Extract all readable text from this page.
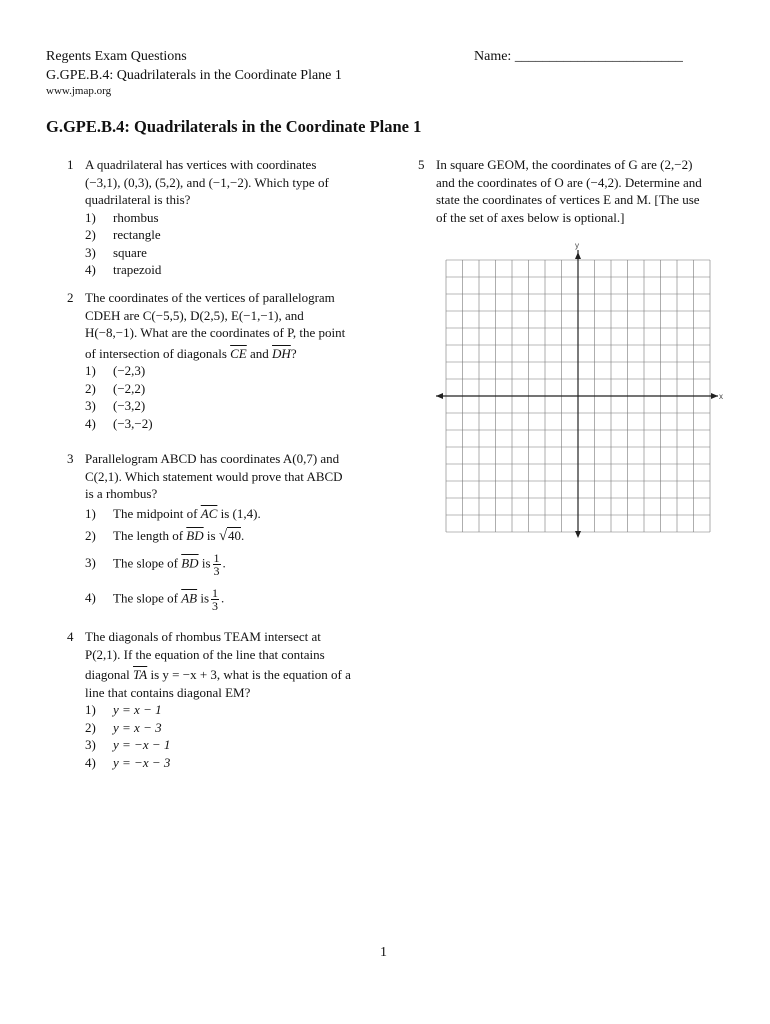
Regents Exam Questions
G.GPE.B.4: Quadrilaterals in the Coordinate Plane 1
www.jmap.org
Name: ________________________
G.GPE.B.4: Quadrilaterals in the Coordinate Plane 1
1 A quadrilateral has vertices with coordinates
(−3,1), (0,3), (5,2), and (−1,−2). Which type of
quadrilateral is this?
1) rhombus
2) rectangle
3) square
4) trapezoid
2 The coordinates of the vertices of parallelogram
CDEH are C(−5,5), D(2,5), E(−1,−1), and
H(−8,−1). What are the coordinates of P, the point
of intersection of diagonals $\overline{CE}$ and $\overline{DH}$?
1) (−2,3)
2) (−2,2)
3) (−3,2)
4) (−3,−2)
3 Parallelogram ABCD has coordinates A(0,7) and
C(2,1). Which statement would prove that ABCD
is a rhombus?
1) The midpoint of $\overline{AC}$ is (1,4).
2) The length of $\overline{BD}$ is √40.
3) The slope of $\overline{BD}$ is $\frac{1}{3}$ .
4) The slope of $\overline{AB}$ is $\frac{1}{3}$ .
4 The diagonals of rhombus TEAM intersect at
P(2,1). If the equation of the line that contains
diagonal $\overline{TA}$ is y = −x + 3, what is the equation of a
line that contains diagonal EM?
1) y = x − 1
2) y = x − 3
3) y = −x − 1
4) y = −x − 3
5 In square GEOM, the coordinates of G are (2,−2)
and the coordinates of O are (−4,2). Determine and
state the coordinates of vertices E and M. [The use
of the set of axes below is optional.]
x
y
1
